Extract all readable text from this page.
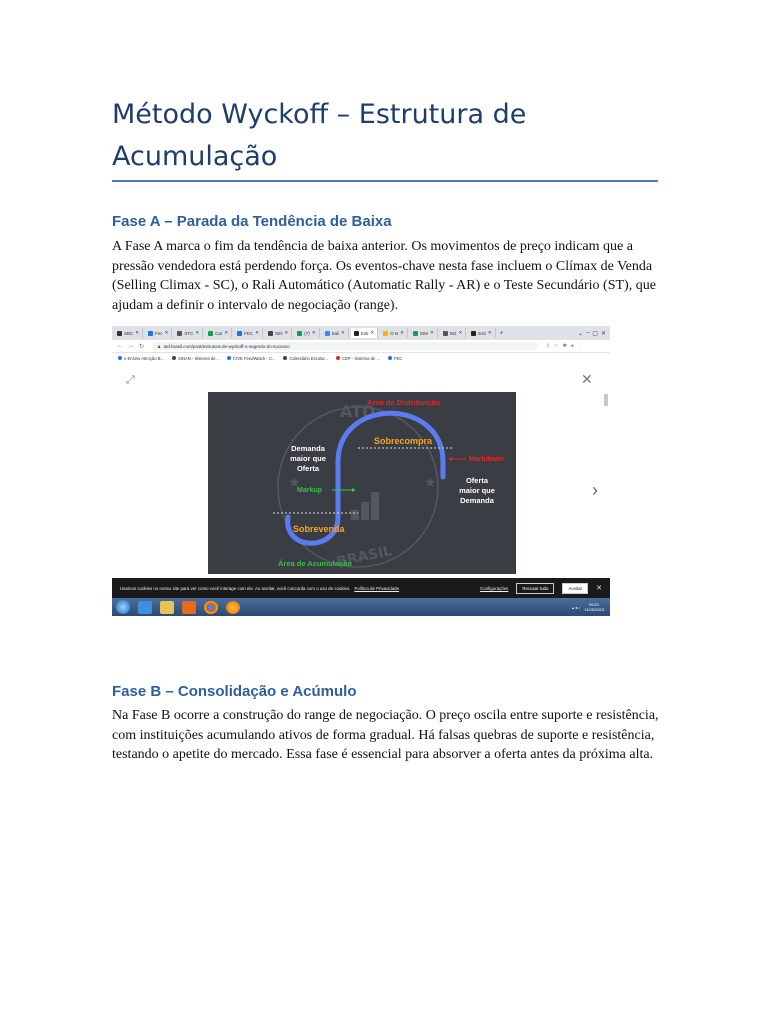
Método Wyckoff – Estrutura de Acumulação
Fase A – Parada da Tendência de Baixa

A Fase A marca o fim da tendência de baixa anterior. Os movimentos de preço indicam que a pressão vendedora está perdendo força. Os eventos-chave nesta fase incluem o Clímax de Venda (Selling Climax - SC), o Rali Automático (Automatic Rally - AR) e o Teste Secundário (ST), que ajudam a definir o intervalo de negociação (range).

SBC ✕	Fec ✕	STC ✕	Car ✕	FEC ✕	SIN ✕	(7) ✕	Sali ✕	Esti ✕	O N ✕	SIM ✕	W2 ✕	Esti ✕ +	⌄ – ▢ ✕
← → ↻	🔒︎ atd-brasil.com/post/estrutura-de-wyckoff-o-segredo-do-sucesso	⇪ ☆ ✱ ● ⋮
e Ensino Atenção B...	SINAN - Sistema de...	CIVE FeedWatch - C...	Calendário Escolar...	CEP - Sistema de ...	FEC
⤢	✕
›
ATD
BRASIL
★	★
Área de Distribuição
Sobrecompra
Markdown
Demanda
maior que
Oferta
Markup
Oferta
maior que
Demanda
Sobrevenda
Área de Acumulação
Usamos cookies no nosso site para ver como você interage com ele. Ao aceitar, você concorda com o uso de cookies. Política de Privacidade	Configurações	Recusar tudo	Aceitar	✕
▴ ◂ ♪	09:21
11/05/2023
Fase B – Consolidação e Acúmulo

Na Fase B ocorre a construção do range de negociação. O preço oscila entre suporte e resistência, com instituições acumulando ativos de forma gradual. Há falsas quebras de suporte e resistência, testando o apetite do mercado. Essa fase é essencial para absorver a oferta antes da próxima alta.
